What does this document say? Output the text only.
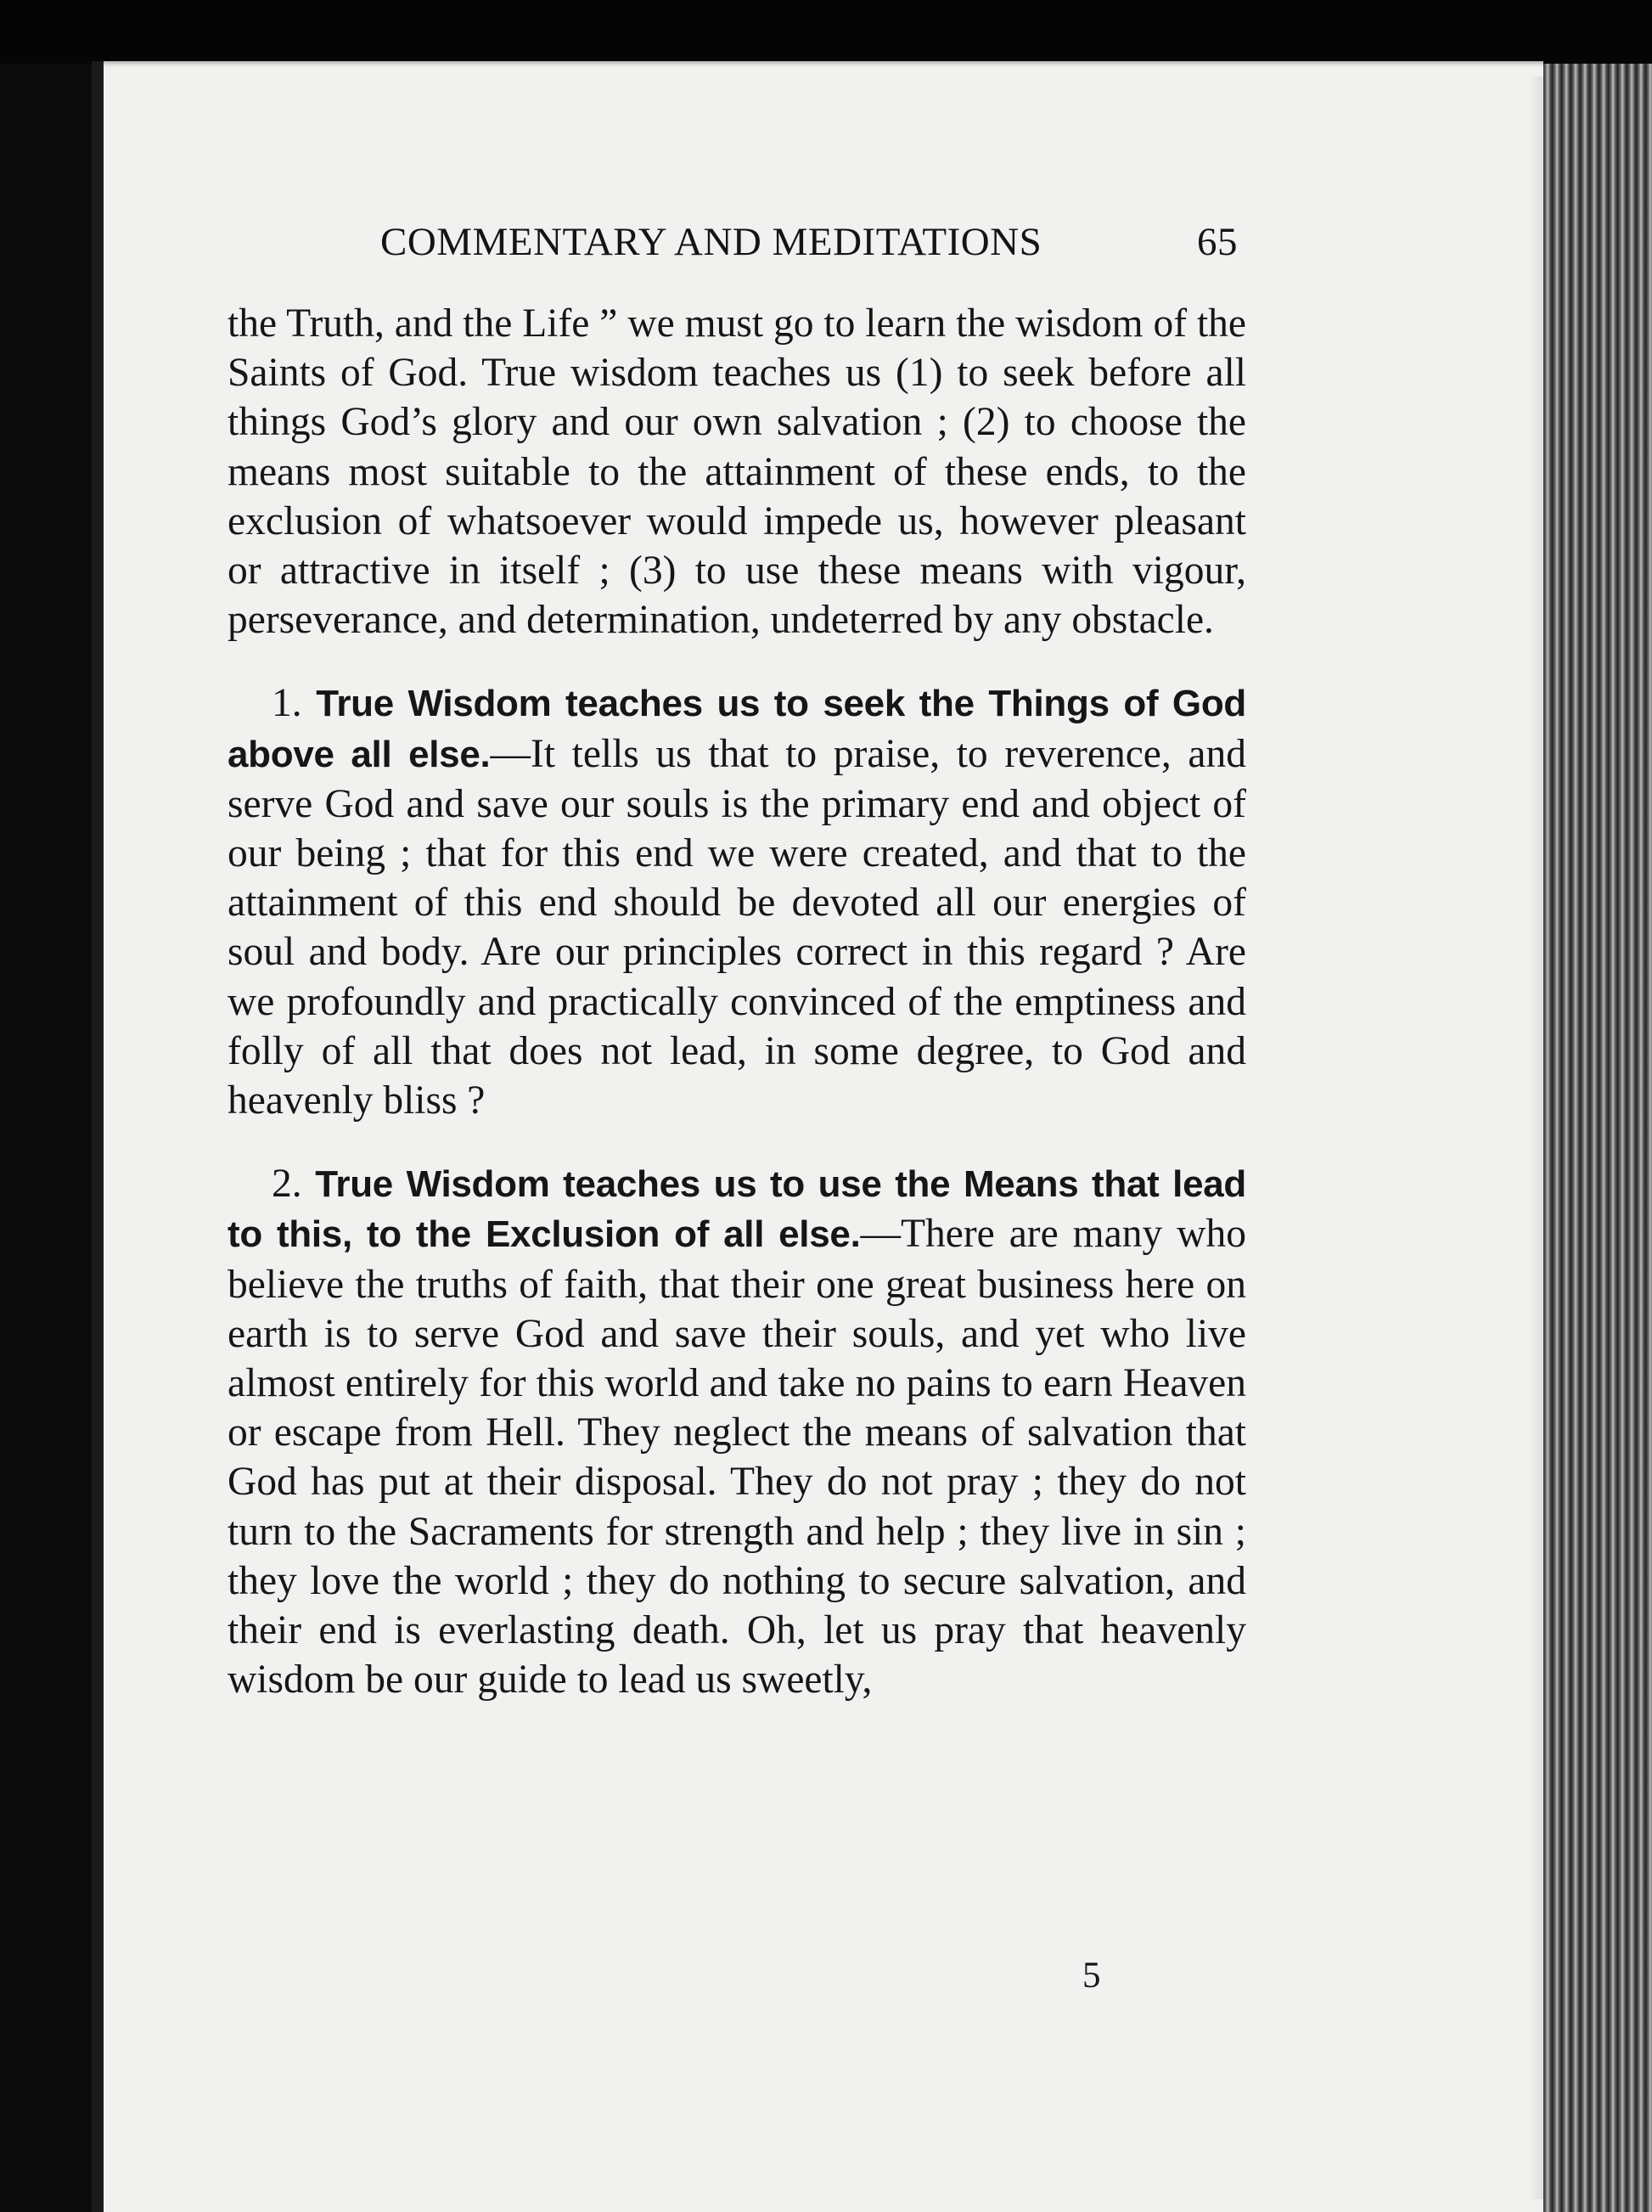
COMMENTARY AND MEDITATIONS	65

the Truth, and the Life ” we must go to learn the wisdom of the Saints of God. True wisdom teaches us (1) to seek before all things God’s glory and our own salvation ; (2) to choose the means most suitable to the attainment of these ends, to the exclusion of whatsoever would impede us, however pleasant or attractive in itself ; (3) to use these means with vigour, perseverance, and determination, undeterred by any obstacle.

1. True Wisdom teaches us to seek the Things of God above all else.—It tells us that to praise, to reverence, and serve God and save our souls is the primary end and object of our being ; that for this end we were created, and that to the attainment of this end should be devoted all our energies of soul and body. Are our principles correct in this regard ? Are we profoundly and practically convinced of the emptiness and folly of all that does not lead, in some degree, to God and heavenly bliss ?

2. True Wisdom teaches us to use the Means that lead to this, to the Exclusion of all else.—There are many who believe the truths of faith, that their one great business here on earth is to serve God and save their souls, and yet who live almost entirely for this world and take no pains to earn Heaven or escape from Hell. They neglect the means of salvation that God has put at their disposal. They do not pray ; they do not turn to the Sacraments for strength and help ; they live in sin ; they love the world ; they do nothing to secure salvation, and their end is everlasting death. Oh, let us pray that heavenly wisdom be our guide to lead us sweetly,

5
